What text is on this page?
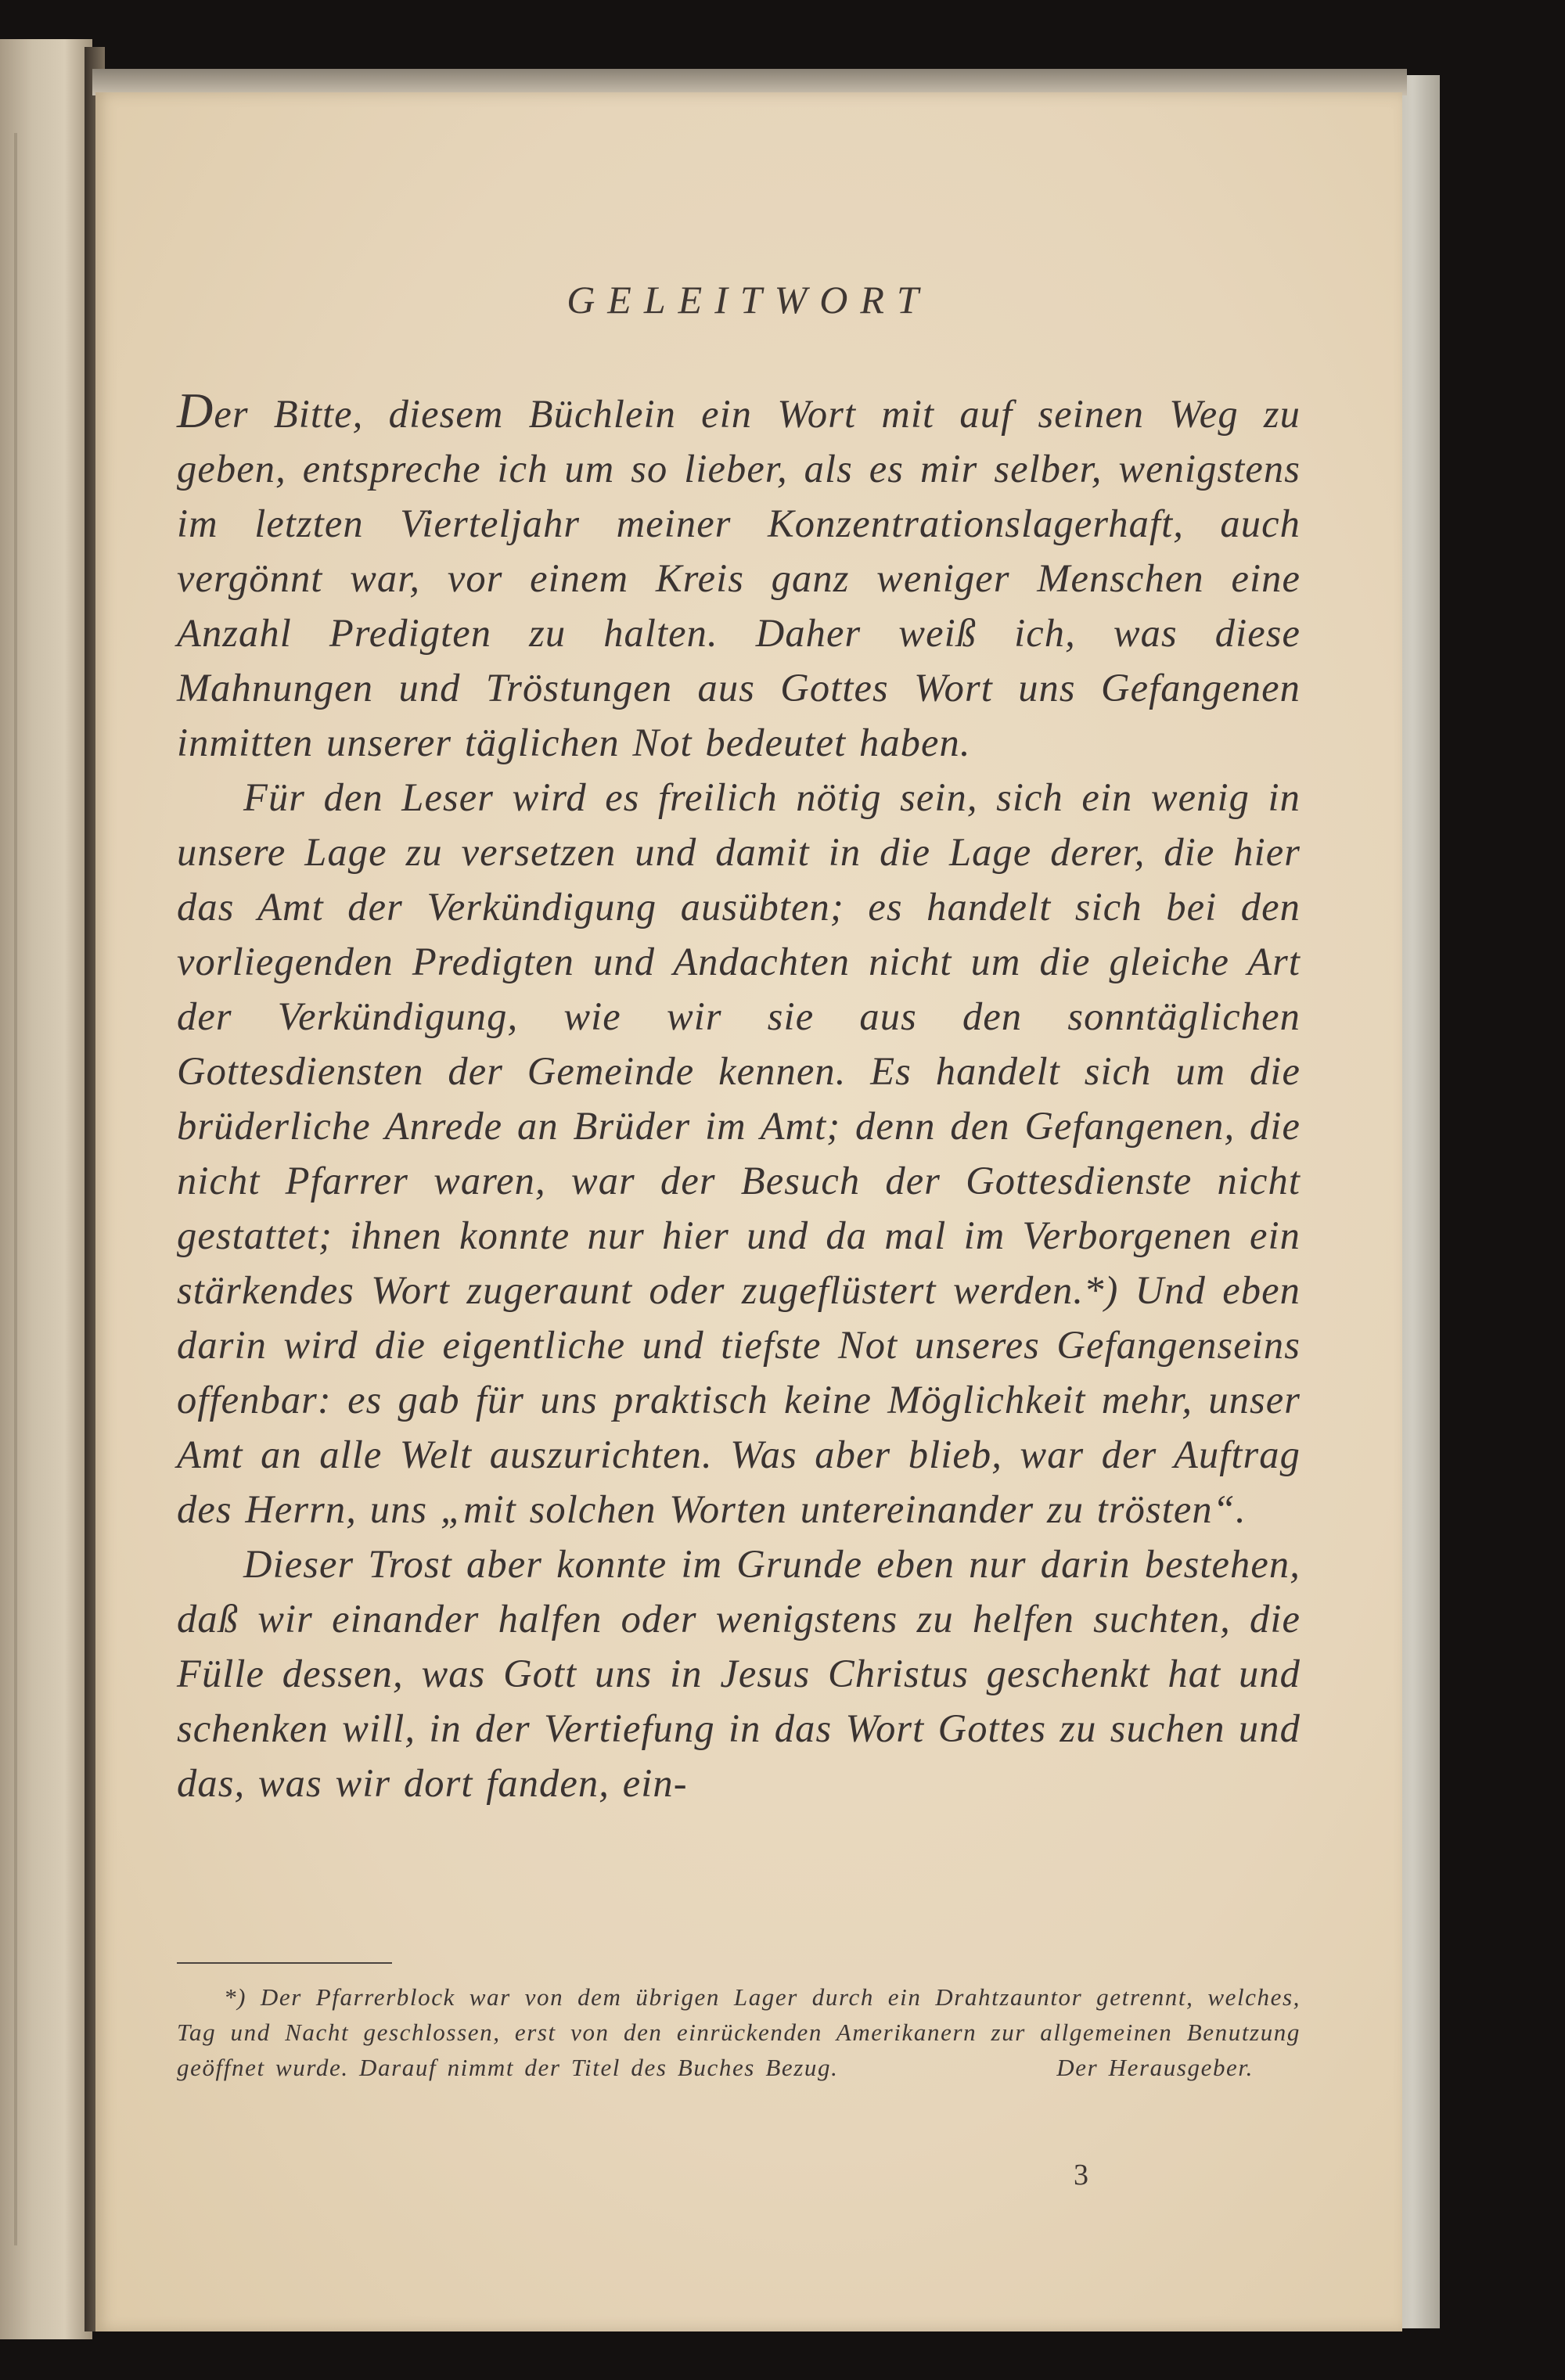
GELEITWORT

Der Bitte, diesem Büchlein ein Wort mit auf seinen Weg zu geben, entspreche ich um so lieber, als es mir selber, wenigstens im letzten Vierteljahr meiner Konzentrationslagerhaft, auch vergönnt war, vor einem Kreis ganz weniger Menschen eine Anzahl Predigten zu halten. Daher weiß ich, was diese Mahnungen und Tröstungen aus Gottes Wort uns Gefangenen inmitten unserer täglichen Not bedeutet haben.

Für den Leser wird es freilich nötig sein, sich ein wenig in unsere Lage zu versetzen und damit in die Lage derer, die hier das Amt der Verkündigung ausübten; es handelt sich bei den vorliegenden Predigten und Andachten nicht um die gleiche Art der Verkündigung, wie wir sie aus den sonntäglichen Gottesdiensten der Gemeinde kennen. Es handelt sich um die brüderliche Anrede an Brüder im Amt; denn den Gefangenen, die nicht Pfarrer waren, war der Besuch der Gottesdienste nicht gestattet; ihnen konnte nur hier und da mal im Verborgenen ein stärkendes Wort zugeraunt oder zugeflüstert werden.*) Und eben darin wird die eigentliche und tiefste Not unseres Gefangenseins offenbar: es gab für uns praktisch keine Möglichkeit mehr, unser Amt an alle Welt auszurichten. Was aber blieb, war der Auftrag des Herrn, uns „mit solchen Worten untereinander zu trösten“.

Dieser Trost aber konnte im Grunde eben nur darin bestehen, daß wir einander halfen oder wenigstens zu helfen suchten, die Fülle dessen, was Gott uns in Jesus Christus geschenkt hat und schenken will, in der Vertiefung in das Wort Gottes zu suchen und das, was wir dort fanden, ein-

*) Der Pfarrerblock war von dem übrigen Lager durch ein Drahtzauntor getrennt, welches, Tag und Nacht geschlossen, erst von den einrückenden Amerikanern zur allgemeinen Benutzung geöffnet wurde. Darauf nimmt der Titel des Buches Bezug.	Der Herausgeber.

3
